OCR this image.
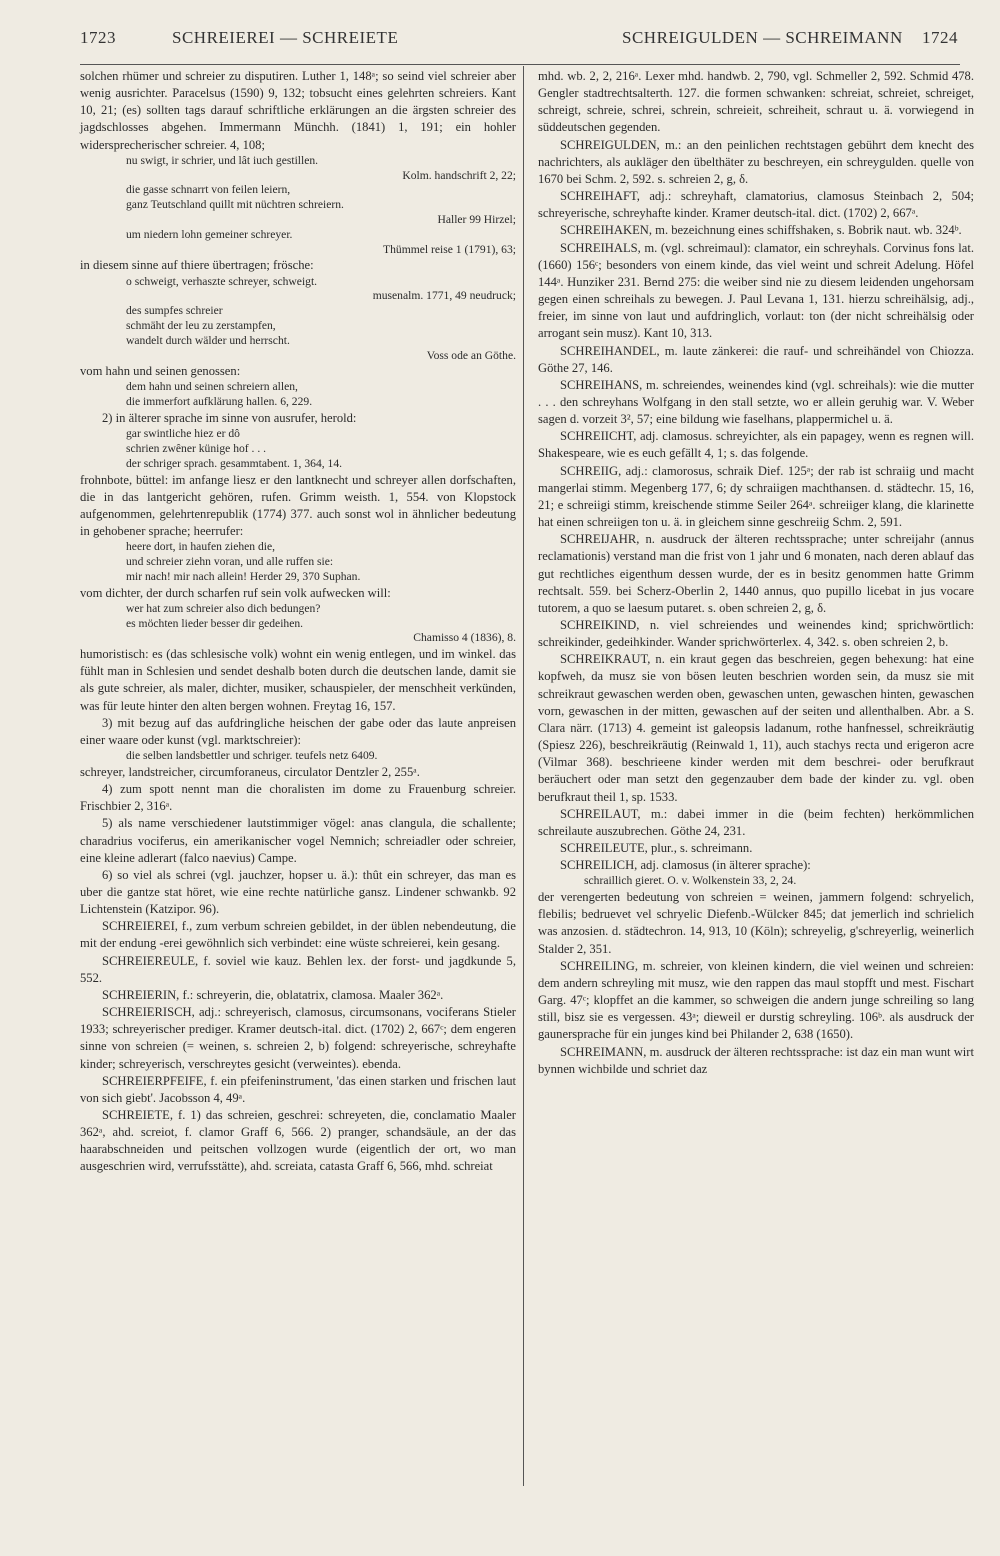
1723	SCHREIEREI — SCHREIETE	SCHREIGULDEN — SCHREIMANN 1724

solchen rhümer und schreier zu disputiren. Luther 1, 148ᵃ; so seind viel schreier aber wenig ausrichter. Paracelsus (1590) 9, 132; tobsucht eines gelehrten schreiers. Kant 10, 21; (es) sollten tags darauf schriftliche erklärungen an die ärgsten schreier des jagdschlosses abgehen. Immermann Münchh. (1841) 1, 191; ein hohler widersprecherischer schreier. 4, 108;

nu swigt, ir schrier, und lât iuch gestillen.

Kolm. handschrift 2, 22;

die gasse schnarrt von feilen leiern,

ganz Teutschland quillt mit nüchtren schreiern.

Haller 99 Hirzel;

um niedern lohn gemeiner schreyer.

Thümmel reise 1 (1791), 63;

in diesem sinne auf thiere übertragen; frösche:

o schweigt, verhaszte schreyer, schweigt.

musenalm. 1771, 49 neudruck;

des sumpfes schreier

schmäht der leu zu zerstampfen,

wandelt durch wälder und herrscht.

Voss ode an Göthe.

vom hahn und seinen genossen:

dem hahn und seinen schreiern allen,

die immerfort aufklärung hallen. 6, 229.

2) in älterer sprache im sinne von ausrufer, herold:

gar swintliche hiez er dô

schrien zwêner künige hof . . .

der schriger sprach. gesammtabent. 1, 364, 14.

frohnbote, büttel: im anfange liesz er den lantknecht und schreyer allen dorfschaften, die in das lantgericht gehören, rufen. Grimm weisth. 1, 554. von Klopstock aufgenommen, gelehrtenrepublik (1774) 377. auch sonst wol in ähnlicher bedeutung in gehobener sprache; heerrufer:

heere dort, in haufen ziehen die,

und schreier ziehn voran, und alle ruffen sie:

mir nach! mir nach allein! Herder 29, 370 Suphan.

vom dichter, der durch scharfen ruf sein volk aufwecken will:

wer hat zum schreier also dich bedungen?

es möchten lieder besser dir gedeihen.

Chamisso 4 (1836), 8.

humoristisch: es (das schlesische volk) wohnt ein wenig entlegen, und im winkel. das fühlt man in Schlesien und sendet deshalb boten durch die deutschen lande, damit sie als gute schreier, als maler, dichter, musiker, schauspieler, der menschheit verkünden, was für leute hinter den alten bergen wohnen. Freytag 16, 157.

3) mit bezug auf das aufdringliche heischen der gabe oder das laute anpreisen einer waare oder kunst (vgl. marktschreier):

die selben landsbettler und schriger. teufels netz 6409.

schreyer, landstreicher, circumforaneus, circulator Dentzler 2, 255ᵃ.

4) zum spott nennt man die choralisten im dome zu Frauenburg schreier. Frischbier 2, 316ᵃ.

5) als name verschiedener lautstimmiger vögel: anas clangula, die schallente; charadrius vociferus, ein amerikanischer vogel Nemnich; schreiadler oder schreier, eine kleine adlerart (falco naevius) Campe.

6) so viel als schrei (vgl. jauchzer, hopser u. ä.): thût ein schreyer, das man es uber die gantze stat höret, wie eine rechte natürliche gansz. Lindener schwankb. 92 Lichtenstein (Katzipor. 96).

SCHREIEREI, f., zum verbum schreien gebildet, in der üblen nebendeutung, die mit der endung -erei gewöhnlich sich verbindet: eine wüste schreierei, kein gesang.

SCHREIEREULE, f. soviel wie kauz. Behlen lex. der forst- und jagdkunde 5, 552.

SCHREIERIN, f.: schreyerin, die, oblatatrix, clamosa. Maaler 362ᵃ.

SCHREIERISCH, adj.: schreyerisch, clamosus, circumsonans, vociferans Stieler 1933; schreyerischer prediger. Kramer deutsch-ital. dict. (1702) 2, 667ᶜ; dem engeren sinne von schreien (= weinen, s. schreien 2, b) folgend: schreyerische, schreyhafte kinder; schreyerisch, verschreytes gesicht (verweintes). ebenda.

SCHREIERPFEIFE, f. ein pfeifeninstrument, 'das einen starken und frischen laut von sich giebt'. Jacobsson 4, 49ᵃ.

SCHREIETE, f. 1) das schreien, geschrei: schreyeten, die, conclamatio Maaler 362ᵃ, ahd. screiot, f. clamor Graff 6, 566. 2) pranger, schandsäule, an der das haarabschneiden und peitschen vollzogen wurde (eigentlich der ort, wo man ausgeschrien wird, verrufsstätte), ahd. screiata, catasta Graff 6, 566, mhd. schreiat

mhd. wb. 2, 2, 216ᵃ. Lexer mhd. handwb. 2, 790, vgl. Schmeller 2, 592. Schmid 478. Gengler stadtrechtsalterth. 127. die formen schwanken: schreiat, schreiet, schreiget, schreigt, schreie, schrei, schrein, schreieit, schreiheit, schraut u. ä. vorwiegend in süddeutschen gegenden.

SCHREIGULDEN, m.: an den peinlichen rechtstagen gebührt dem knecht des nachrichters, als aukläger den übelthäter zu beschreyen, ein schreygulden. quelle von 1670 bei Schm. 2, 592. s. schreien 2, g, δ.

SCHREIHAFT, adj.: schreyhaft, clamatorius, clamosus Steinbach 2, 504; schreyerische, schreyhafte kinder. Kramer deutsch-ital. dict. (1702) 2, 667ᵃ.

SCHREIHAKEN, m. bezeichnung eines schiffshaken, s. Bobrik naut. wb. 324ᵇ.

SCHREIHALS, m. (vgl. schreimaul): clamator, ein schreyhals. Corvinus fons lat. (1660) 156ᶜ; besonders von einem kinde, das viel weint und schreit Adelung. Höfel 144ᵃ. Hunziker 231. Bernd 275: die weiber sind nie zu diesem leidenden ungehorsam gegen einen schreihals zu bewegen. J. Paul Levana 1, 131. hierzu schreihälsig, adj., freier, im sinne von laut und aufdringlich, vorlaut: ton (der nicht schreihälsig oder arrogant sein musz). Kant 10, 313.

SCHREIHANDEL, m. laute zänkerei: die rauf- und schreihändel von Chiozza. Göthe 27, 146.

SCHREIHANS, m. schreiendes, weinendes kind (vgl. schreihals): wie die mutter . . . den schreyhans Wolfgang in den stall setzte, wo er allein geruhig war. V. Weber sagen d. vorzeit 3², 57; eine bildung wie faselhans, plappermichel u. ä.

SCHREIICHT, adj. clamosus. schreyichter, als ein papagey, wenn es regnen will. Shakespeare, wie es euch gefällt 4, 1; s. das folgende.

SCHREIIG, adj.: clamorosus, schraik Dief. 125ᵃ; der rab ist schraiig und macht mangerlai stimm. Megenberg 177, 6; dy schraiigen machthansen. d. städtechr. 15, 16, 21; e schreiigi stimm, kreischende stimme Seiler 264ᵃ. schreiiger klang, die klarinette hat einen schreiigen ton u. ä. in gleichem sinne geschreiig Schm. 2, 591.

SCHREIJAHR, n. ausdruck der älteren rechtssprache; unter schreijahr (annus reclamationis) verstand man die frist von 1 jahr und 6 monaten, nach deren ablauf das gut rechtliches eigenthum dessen wurde, der es in besitz genommen hatte Grimm rechtsalt. 559. bei Scherz-Oberlin 2, 1440 annus, quo pupillo licebat in jus vocare tutorem, a quo se laesum putaret. s. oben schreien 2, g, δ.

SCHREIKIND, n. viel schreiendes und weinendes kind; sprichwörtlich: schreikinder, gedeihkinder. Wander sprichwörterlex. 4, 342. s. oben schreien 2, b.

SCHREIKRAUT, n. ein kraut gegen das beschreien, gegen behexung: hat eine kopfweh, da musz sie von bösen leuten beschrien worden sein, da musz sie mit schreikraut gewaschen werden oben, gewaschen unten, gewaschen hinten, gewaschen vorn, gewaschen in der mitten, gewaschen auf der seiten und allenthalben. Abr. a S. Clara närr. (1713) 4. gemeint ist galeopsis ladanum, rothe hanfnessel, schreikräutig (Spiesz 226), beschreikräutig (Reinwald 1, 11), auch stachys recta und erigeron acre (Vilmar 368). beschrieene kinder werden mit dem beschrei- oder berufkraut beräuchert oder man setzt den gegenzauber dem bade der kinder zu. vgl. oben berufkraut theil 1, sp. 1533.

SCHREILAUT, m.: dabei immer in die (beim fechten) herkömmlichen schreilaute auszubrechen. Göthe 24, 231.

SCHREILEUTE, plur., s. schreimann.

SCHREILICH, adj. clamosus (in älterer sprache):

schraillich gieret. O. v. Wolkenstein 33, 2, 24.

der verengerten bedeutung von schreien = weinen, jammern folgend: schryelich, flebilis; bedruevet vel schryelic Diefenb.-Wülcker 845; dat jemerlich ind schrielich was anzosien. d. städtechron. 14, 913, 10 (Köln); schreyelig, g'schreyerlig, weinerlich Stalder 2, 351.

SCHREILING, m. schreier, von kleinen kindern, die viel weinen und schreien: dem andern schreyling mit musz, wie den rappen das maul stopfft und mest. Fischart Garg. 47ᶜ; klopffet an die kammer, so schweigen die andern junge schreiling so lang still, bisz sie es vergessen. 43ᵃ; dieweil er durstig schreyling. 106ᵇ. als ausdruck der gaunersprache für ein junges kind bei Philander 2, 638 (1650).

SCHREIMANN, m. ausdruck der älteren rechtssprache: ist daz ein man wunt wirt bynnen wichbilde und schriet daz
